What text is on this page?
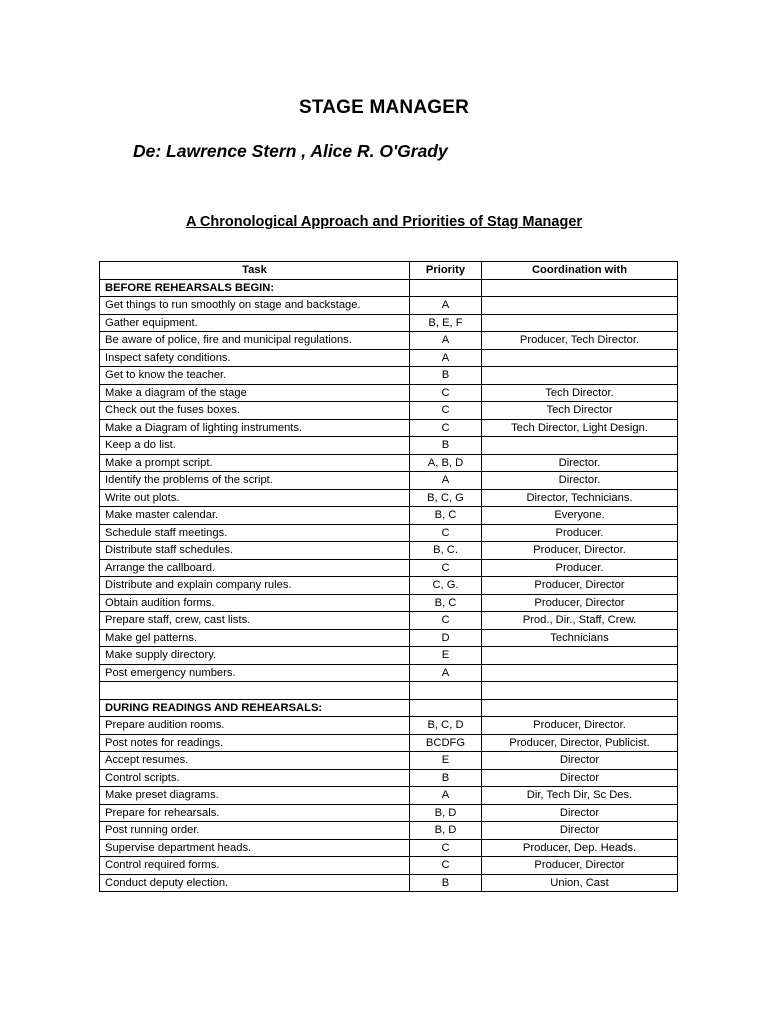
STAGE MANAGER
De: Lawrence Stern , Alice R. O'Grady
A Chronological Approach and Priorities of Stag Manager
Task	Priority	Coordination with
BEFORE REHEARSALS BEGIN:		
Get things to run smoothly on stage and backstage.	A	
Gather equipment.	B, E, F	
Be aware of police, fire and municipal regulations.	A	Producer, Tech Director.
Inspect safety conditions.	A	
Get to know the teacher.	B	
Make a diagram of the stage	C	Tech Director.
Check out the fuses boxes.	C	Tech Director
Make a Diagram of lighting instruments.	C	Tech Director, Light Design.
Keep a do list.	B	
Make a prompt script.	A, B, D	Director.
Identify the problems of the script.	A	Director.
Write out plots.	B, C, G	Director, Technicians.
Make master calendar.	B, C	Everyone.
Schedule staff meetings.	C	Producer.
Distribute staff schedules.	B, C.	Producer, Director.
Arrange the callboard.	C	Producer.
Distribute and explain company rules.	C, G.	Producer, Director
Obtain audition forms.	B, C	Producer, Director
Prepare staff, crew, cast lists.	C	Prod., Dir., Staff, Crew.
Make gel patterns.	D	Technicians
Make supply directory.	E	
Post emergency numbers.	A	

DURING READINGS AND REHEARSALS:		
Prepare audition rooms.	B, C, D	Producer, Director.
Post notes for readings.	BCDFG	Producer, Director, Publicist.
Accept resumes.	E	Director
Control scripts.	B	Director
Make preset diagrams.	A	Dir, Tech Dir, Sc Des.
Prepare for rehearsals.	B, D	Director
Post running order.	B, D	Director
Supervise department heads.	C	Producer, Dep. Heads.
Control required forms.	C	Producer, Director
Conduct deputy election.	B	Union, Cast
